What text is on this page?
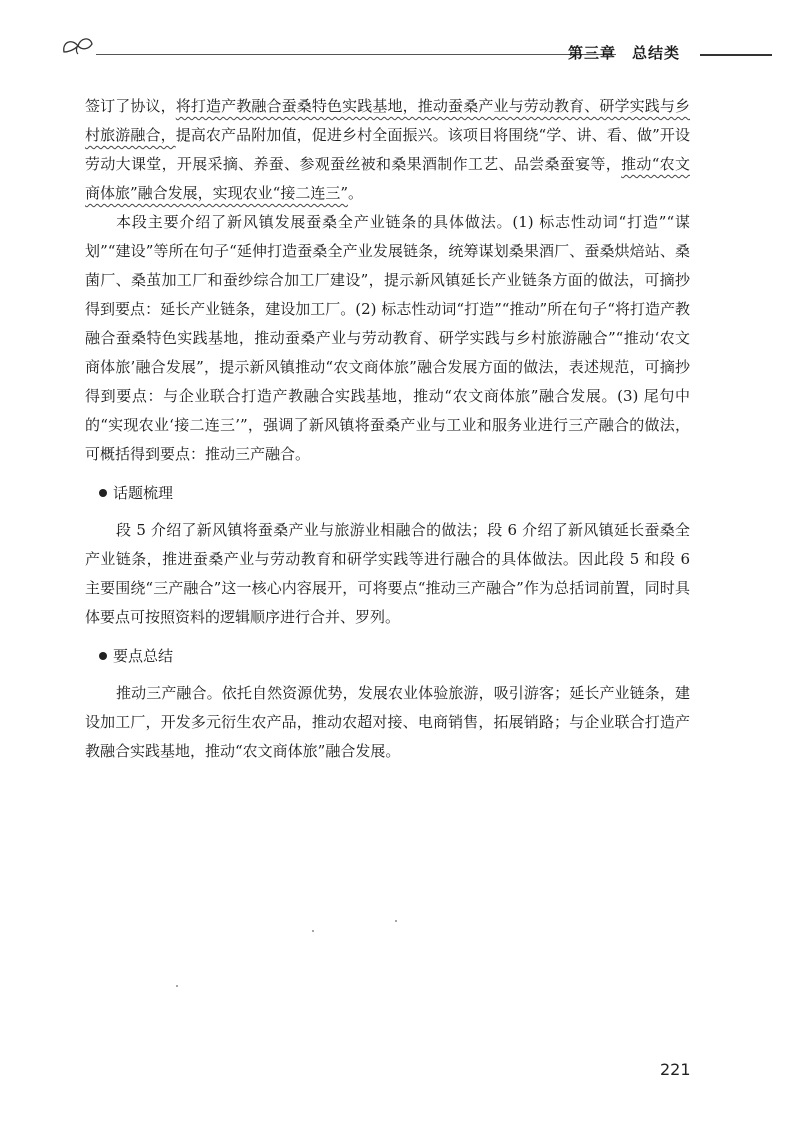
第三章　总结类

签订了协议，将打造产教融合蚕桑特色实践基地，推动蚕桑产业与劳动教育、研学实践与乡村旅游融合，提高农产品附加值，促进乡村全面振兴。该项目将围绕“学、讲、看、做”开设劳动大课堂，开展采摘、养蚕、参观蚕丝被和桑果酒制作工艺、品尝桑蚕宴等，推动“农文商体旅”融合发展，实现农业“接二连三”。

本段主要介绍了新风镇发展蚕桑全产业链条的具体做法。(1) 标志性动词“打造”“谋划”“建设”等所在句子“延伸打造蚕桑全产业发展链条，统筹谋划桑果酒厂、蚕桑烘焙站、桑菌厂、桑茧加工厂和蚕纱综合加工厂建设”，提示新风镇延长产业链条方面的做法，可摘抄得到要点：延长产业链条，建设加工厂。(2) 标志性动词“打造”“推动”所在句子“将打造产教融合蚕桑特色实践基地，推动蚕桑产业与劳动教育、研学实践与乡村旅游融合”“推动‘农文商体旅’融合发展”，提示新风镇推动“农文商体旅”融合发展方面的做法，表述规范，可摘抄得到要点：与企业联合打造产教融合实践基地，推动“农文商体旅”融合发展。(3) 尾句中的“实现农业‘接二连三’”，强调了新风镇将蚕桑产业与工业和服务业进行三产融合的做法，可概括得到要点：推动三产融合。

话题梳理

段 5 介绍了新风镇将蚕桑产业与旅游业相融合的做法；段 6 介绍了新风镇延长蚕桑全产业链条，推进蚕桑产业与劳动教育和研学实践等进行融合的具体做法。因此段 5 和段 6 主要围绕“三产融合”这一核心内容展开，可将要点“推动三产融合”作为总括词前置，同时具体要点可按照资料的逻辑顺序进行合并、罗列。

要点总结

推动三产融合。依托自然资源优势，发展农业体验旅游，吸引游客；延长产业链条，建设加工厂，开发多元衍生农产品，推动农超对接、电商销售，拓展销路；与企业联合打造产教融合实践基地，推动“农文商体旅”融合发展。

221
